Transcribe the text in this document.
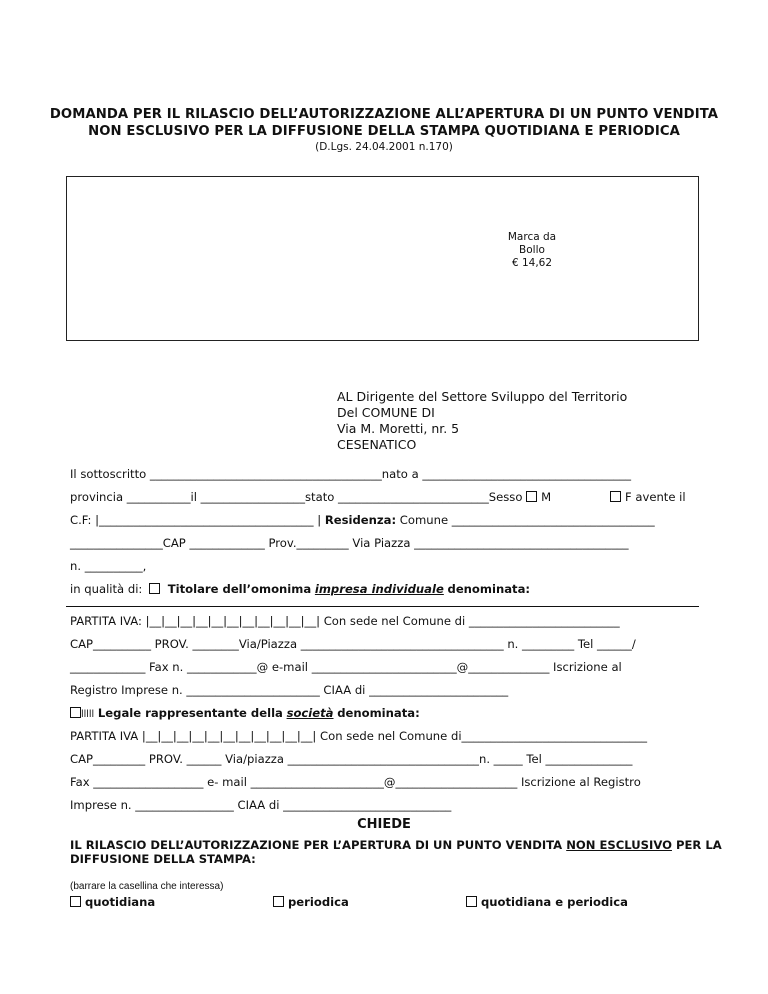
DOMANDA PER IL RILASCIO DELL’AUTORIZZAZIONE ALL’APERTURA DI UN PUNTO VENDITA
NON ESCLUSIVO PER LA DIFFUSIONE DELLA STAMPA QUOTIDIANA E PERIODICA
(D.Lgs. 24.04.2001 n.170)
Marca da
Bollo
€ 14,62
AL Dirigente del Settore Sviluppo del Territorio
Del COMUNE DI
Via M. Moretti, nr. 5
CESENATICO
Il sottoscritto ________________________________________nato a ____________________________________
provincia ___________il __________________stato __________________________Sesso M	F avente il
C.F: |_____________________________________ | Residenza: Comune ___________________________________
________________CAP _____________ Prov._________ Via Piazza _____________________________________
n. __________,
in qualità di: Titolare dell’omonima impresa individuale denominata:
PARTITA IVA: |__|__|__|__|__|__|__|__|__|__|__| Con sede nel Comune di __________________________
CAP__________ PROV. ________Via/Piazza ___________________________________ n. _________ Tel ______/
_____________ Fax n. ____________@ e-mail _________________________@______________ Iscrizione al
Registro Imprese n. _______________________ CIAA di ________________________
lllll Legale rappresentante della società denominata:
PARTITA IVA |__|__|__|__|__|__|__|__|__|__|__| Con sede nel Comune di________________________________
CAP_________ PROV. ______ Via/piazza _________________________________n. _____ Tel _______________
Fax ___________________ e- mail _______________________@_____________________ Iscrizione al Registro
Imprese n. _________________ CIAA di _____________________________
CHIEDE
IL RILASCIO DELL’AUTORIZZAZIONE PER L’APERTURA DI UN PUNTO VENDITA NON ESCLUSIVO PER LA
DIFFUSIONE DELLA STAMPA:
(barrare la casellina che interessa)
quotidiana	periodica	quotidiana e periodica
